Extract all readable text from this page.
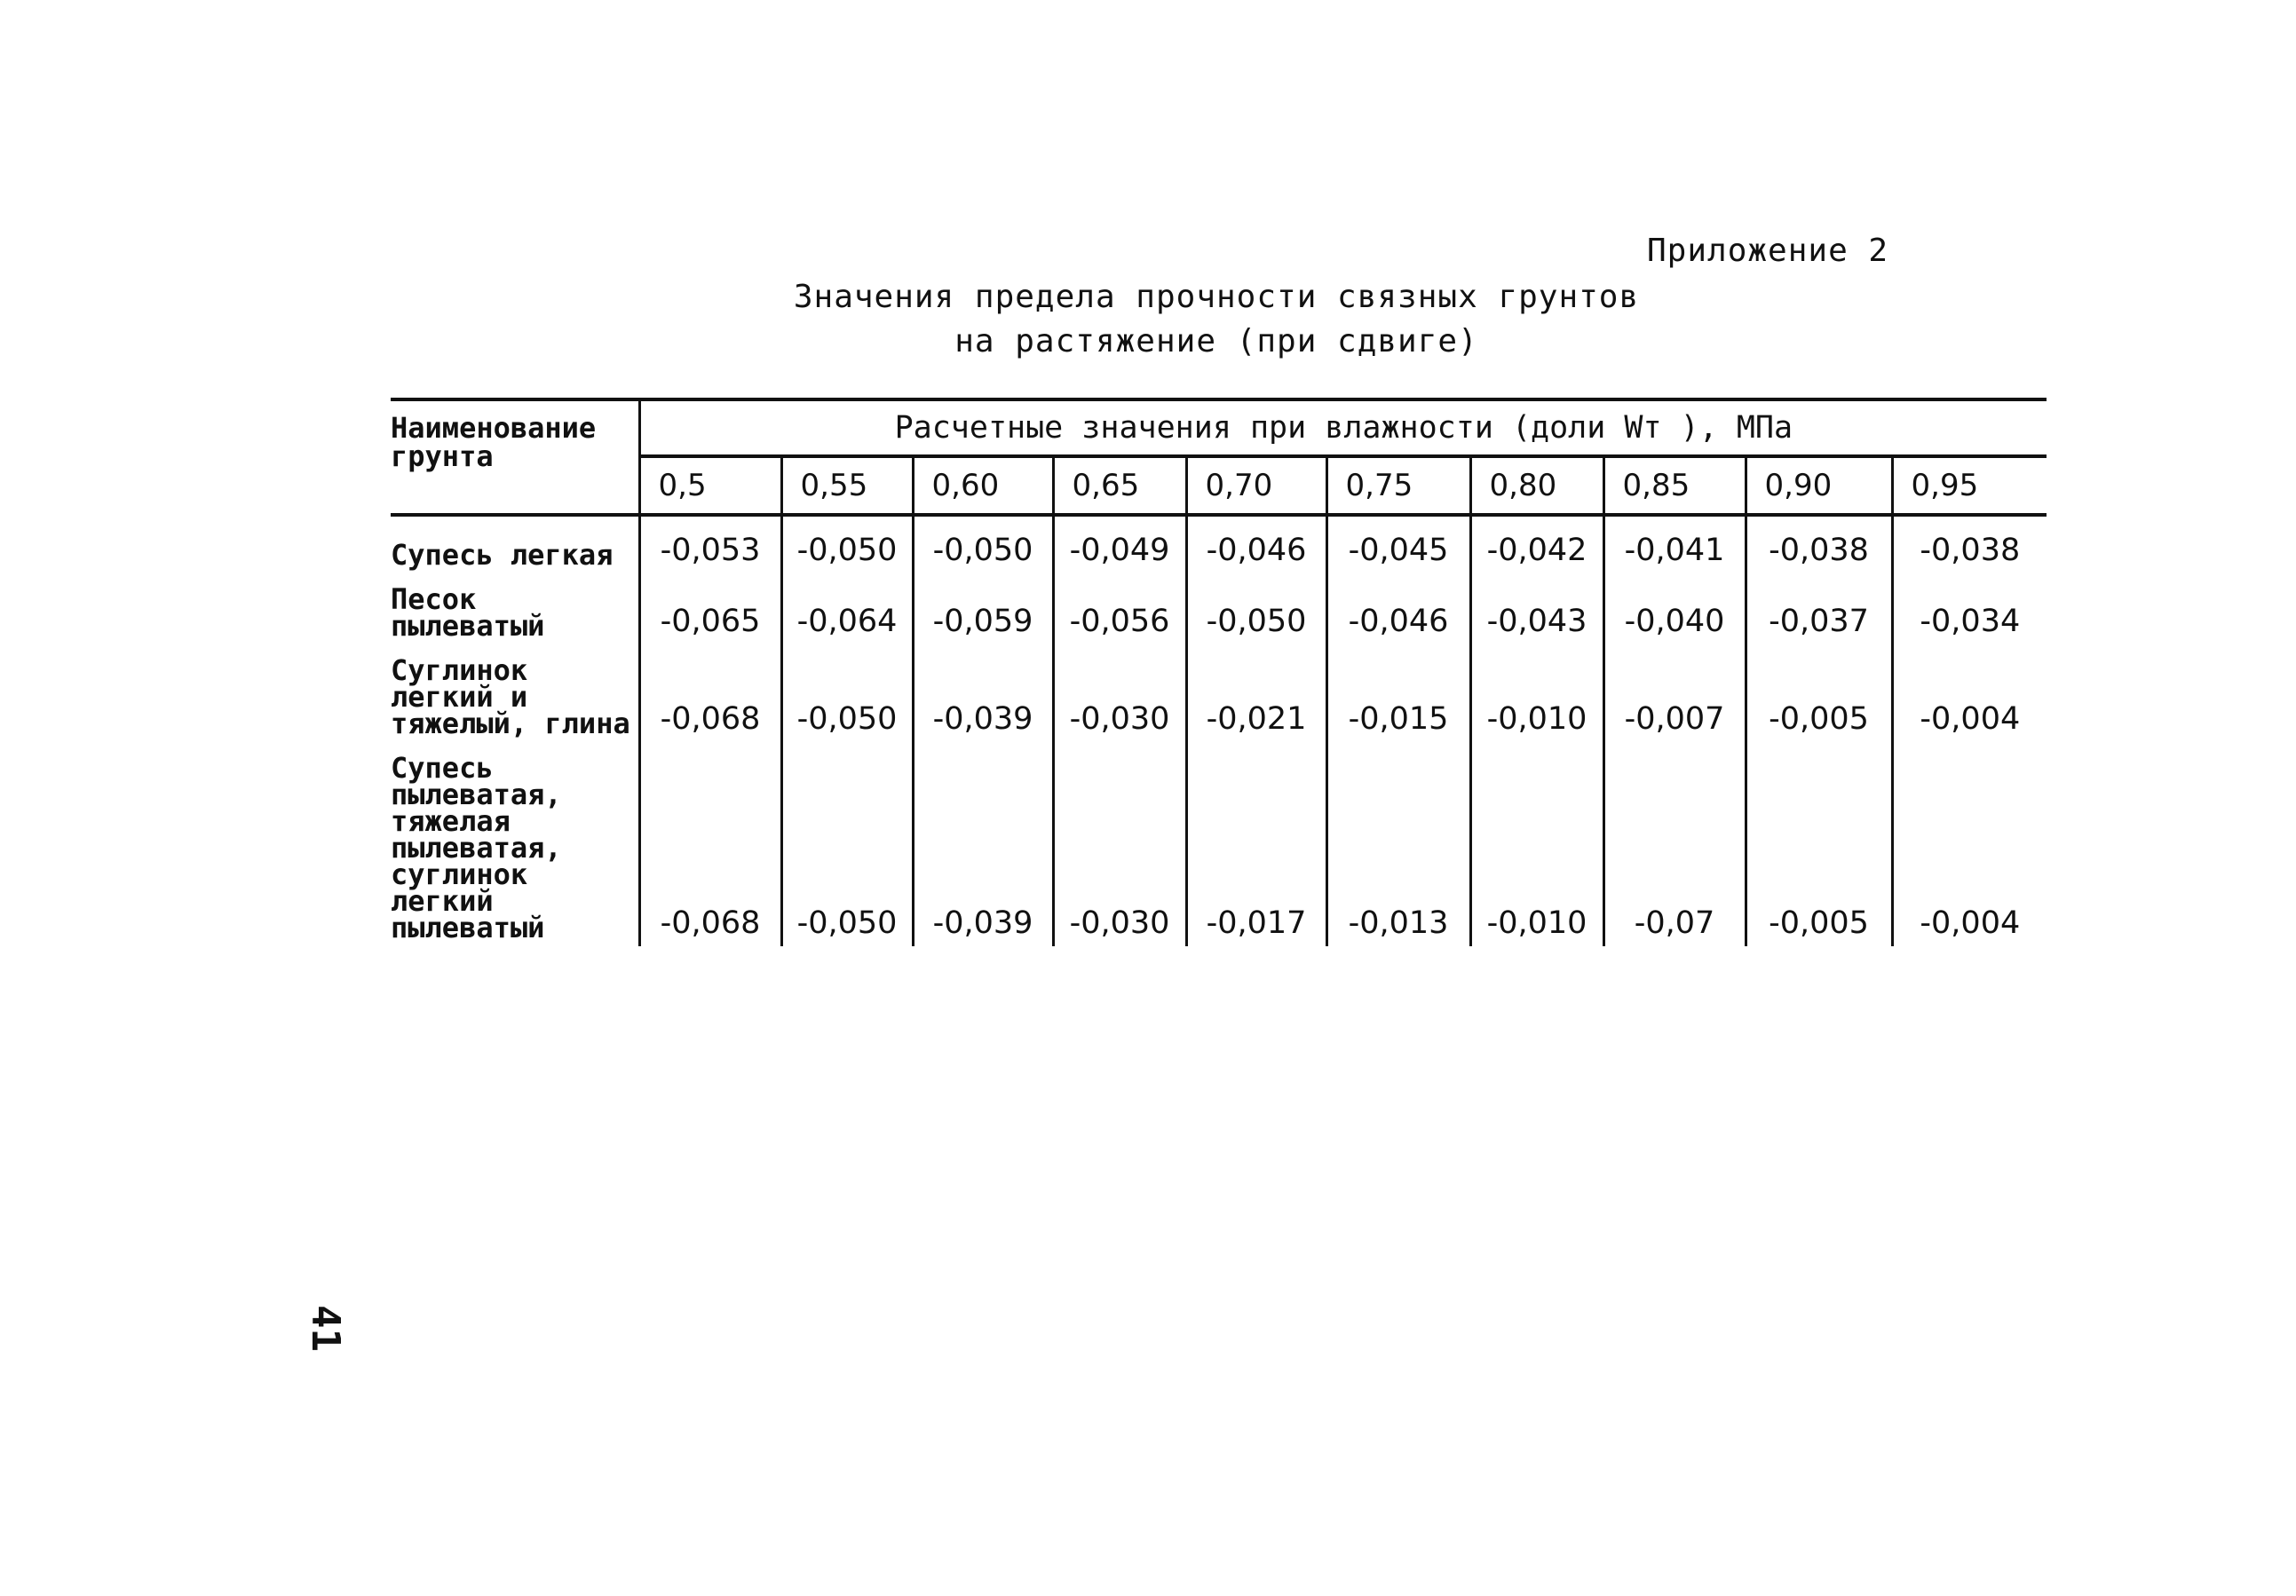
Приложение 2
Значения предела прочности связных грунтов
на растяжение (при сдвиге)
Наименование грунта	Расчетные значения при влажности (доли Wт ), МПа									
	0,5	0,55	0,60	0,65	0,70	0,75	0,80	0,85	0,90	0,95
Супесь легкая	-0,053	-0,050	-0,050	-0,049	-0,046	-0,045	-0,042	-0,041	-0,038	-0,038
Песок пылеватый	-0,065	-0,064	-0,059	-0,056	-0,050	-0,046	-0,043	-0,040	-0,037	-0,034
Суглинок легкий и тяжелый, глина	-0,068	-0,050	-0,039	-0,030	-0,021	-0,015	-0,010	-0,007	-0,005	-0,004
Супесь пылеватая, тяжелая пылеватая, суглинок легкий пылеватый	-0,068	-0,050	-0,039	-0,030	-0,017	-0,013	-0,010	-0,07	-0,005	-0,004
41
